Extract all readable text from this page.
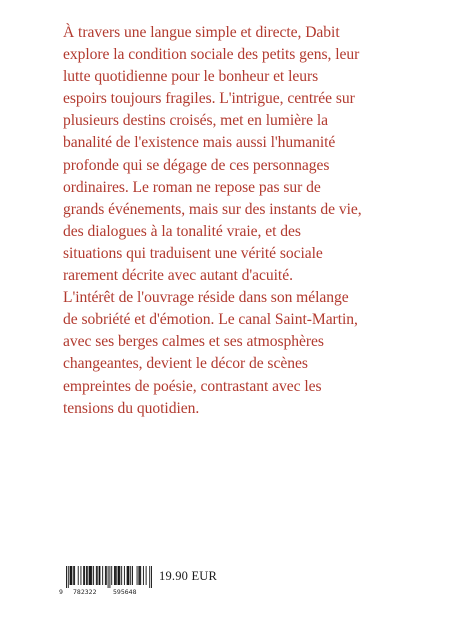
À travers une langue simple et directe, Dabit
explore la condition sociale des petits gens, leur
lutte quotidienne pour le bonheur et leurs
espoirs toujours fragiles. L'intrigue, centrée sur
plusieurs destins croisés, met en lumière la
banalité de l'existence mais aussi l'humanité
profonde qui se dégage de ces personnages
ordinaires. Le roman ne repose pas sur de
grands événements, mais sur des instants de vie,
des dialogues à la tonalité vraie, et des
situations qui traduisent une vérité sociale
rarement décrite avec autant d'acuité.
L'intérêt de l'ouvrage réside dans son mélange
de sobriété et d'émotion. Le canal Saint-Martin,
avec ses berges calmes et ses atmosphères
changeantes, devient le décor de scènes
empreintes de poésie, contrastant avec les
tensions du quotidien.
9 782322	595648
19.90 EUR
